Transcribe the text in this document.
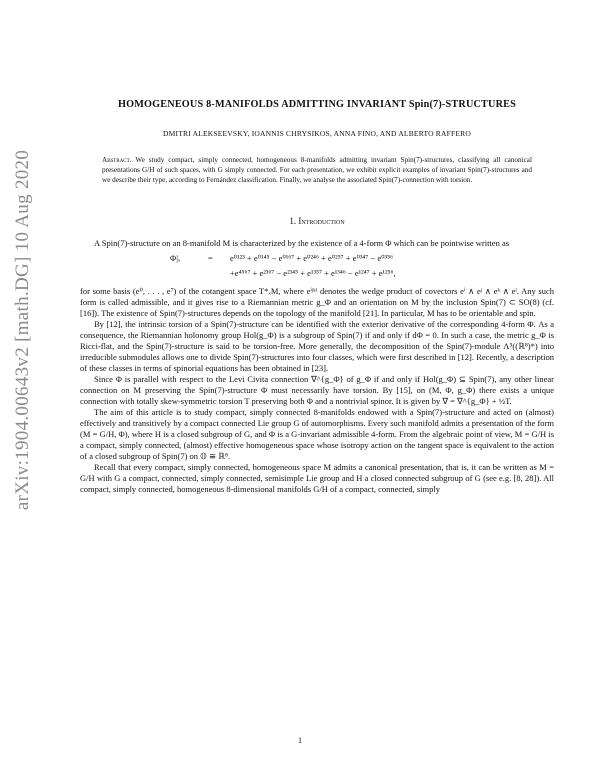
arXiv:1904.00643v2 [math.DG] 10 Aug 2020
HOMOGENEOUS 8-MANIFOLDS ADMITTING INVARIANT Spin(7)-STRUCTURES
DMITRI ALEKSEEVSKY, IOANNIS CHRYSIKOS, ANNA FINO, AND ALBERTO RAFFERO
Abstract. We study compact, simply connected, homogeneous 8-manifolds admitting invariant Spin(7)-structures, classifying all canonical presentations G/H of such spaces, with G simply connected. For each presentation, we exhibit explicit examples of invariant Spin(7)-structures and we describe their type, according to Fernández classification. Finally, we analyse the associated Spin(7)-connection with torsion.
1. Introduction

A Spin(7)-structure on an 8-manifold M is characterized by the existence of a 4-form Φ which can be pointwise written as

Φ|ₓ	= e⁰¹²³ + e⁰¹⁴⁵ − e⁰¹⁶⁷ + e⁰²⁴⁶ + e⁰²⁵⁷ + e⁰³⁴⁷ − e⁰³⁵⁶
+e⁴⁵⁶⁷ + e²³⁶⁷ − e²³⁴⁵ + e¹³⁵⁷ + e¹³⁴⁶ − e¹²⁴⁷ + e¹²⁵⁶,

for some basis (e⁰, . . . , e⁷) of the cotangent space T*ₓM, where eⁱʲᵏˡ denotes the wedge product of covectors eⁱ ∧ eʲ ∧ eᵏ ∧ eˡ. Any such form is called admissible, and it gives rise to a Riemannian metric g_Φ and an orientation on M by the inclusion Spin(7) ⊂ SO(8) (cf. [16]). The existence of Spin(7)-structures depends on the topology of the manifold [21]. In particular, M has to be orientable and spin.

By [12], the intrinsic torsion of a Spin(7)-structure can be identified with the exterior derivative of the corresponding 4-form Φ. As a consequence, the Riemannian holonomy group Hol(g_Φ) is a subgroup of Spin(7) if and only if dΦ = 0. In such a case, the metric g_Φ is Ricci-flat, and the Spin(7)-structure is said to be torsion-free. More generally, the decomposition of the Spin(7)-module Λ⁵((ℝ⁸)*) into irreducible submodules allows one to divide Spin(7)-structures into four classes, which were first described in [12]. Recently, a description of these classes in terms of spinorial equations has been obtained in [23].

Since Φ is parallel with respect to the Levi Civita connection ∇^{g_Φ} of g_Φ if and only if Hol(g_Φ) ⊆ Spin(7), any other linear connection on M preserving the Spin(7)-structure Φ must necessarily have torsion. By [15], on (M, Φ, g_Φ) there exists a unique connection with totally skew-symmetric torsion T preserving both Φ and a nontrivial spinor. It is given by ∇ = ∇^{g_Φ} + ½T.

The aim of this article is to study compact, simply connected 8-manifolds endowed with a Spin(7)-structure and acted on (almost) effectively and transitively by a compact connected Lie group G of automorphisms. Every such manifold admits a presentation of the form (M = G/H, Φ), where H is a closed subgroup of G, and Φ is a G-invariant admissible 4-form. From the algebraic point of view, M = G/H is a compact, simply connected, (almost) effective homogeneous space whose isotropy action on the tangent space is equivalent to the action of a closed subgroup of Spin(7) on 𝕆 ≅ ℝ⁸.

Recall that every compact, simply connected, homogeneous space M admits a canonical presentation, that is, it can be written as M = G/H with G a compact, connected, simply connected, semisimple Lie group and H a closed connected subgroup of G (see e.g. [8, 28]). All compact, simply connected, homogeneous 8-dimensional manifolds G/H of a compact, connected, simply

1
